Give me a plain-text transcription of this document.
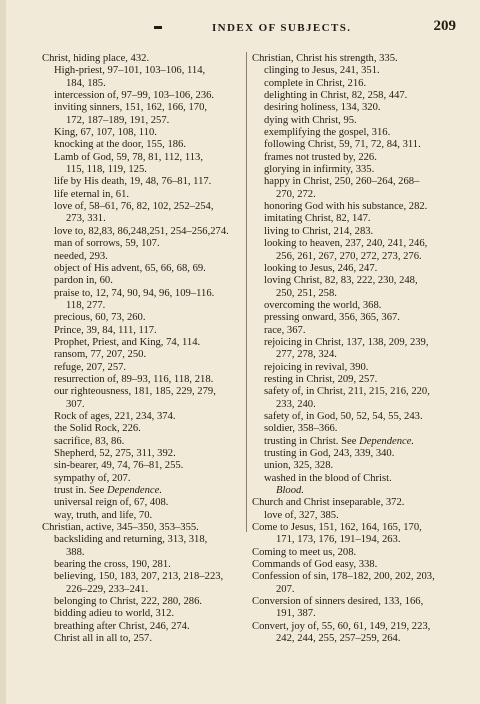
INDEX OF SUBJECTS.	209
Christ, hiding place, 432.
High-priest, 97–101, 103–106, 114,
184, 185.
intercession of, 97–99, 103–106, 236.
inviting sinners, 151, 162, 166, 170,
172, 187–189, 191, 257.
King, 67, 107, 108, 110.
knocking at the door, 155, 186.
Lamb of God, 59, 78, 81, 112, 113,
115, 118, 119, 125.
life by His death, 19, 48, 76–81, 117.
life eternal in, 61.
love of, 58–61, 76, 82, 102, 252–254,
273, 331.
love to, 82,83, 86,248,251, 254–256,274.
man of sorrows, 59, 107.
needed, 293.
object of His advent, 65, 66, 68, 69.
pardon in, 60.
praise to, 12, 74, 90, 94, 96, 109–116.
118, 277.
precious, 60, 73, 260.
Prince, 39, 84, 111, 117.
Prophet, Priest, and King, 74, 114.
ransom, 77, 207, 250.
refuge, 207, 257.
resurrection of, 89–93, 116, 118, 218.
our righteousness, 181, 185, 229, 279,
307.
Rock of ages, 221, 234, 374.
the Solid Rock, 226.
sacrifice, 83, 86.
Shepherd, 52, 275, 311, 392.
sin-bearer, 49, 74, 76–81, 255.
sympathy of, 207.
trust in. See Dependence.
universal reign of, 67, 408.
way, truth, and life, 70.
Christian, active, 345–350, 353–355.
backsliding and returning, 313, 318,
388.
bearing the cross, 190, 281.
believing, 150, 183, 207, 213, 218–223,
226–229, 233–241.
belonging to Christ, 222, 280, 286.
bidding adieu to world, 312.
breathing after Christ, 246, 274.
Christ all in all to, 257.
Christian, Christ his strength, 335.
clinging to Jesus, 241, 351.
complete in Christ, 216.
delighting in Christ, 82, 258, 447.
desiring holiness, 134, 320.
dying with Christ, 95.
exemplifying the gospel, 316.
following Christ, 59, 71, 72, 84, 311.
frames not trusted by, 226.
glorying in infirmity, 335.
happy in Christ, 250, 260–264, 268–
270, 272.
honoring God with his substance, 282.
imitating Christ, 82, 147.
living to Christ, 214, 283.
looking to heaven, 237, 240, 241, 246,
256, 261, 267, 270, 272, 273, 276.
looking to Jesus, 246, 247.
loving Christ, 82, 83, 222, 230, 248,
250, 251, 258.
overcoming the world, 368.
pressing onward, 356, 365, 367.
race, 367.
rejoicing in Christ, 137, 138, 209, 239,
277, 278, 324.
rejoicing in revival, 390.
resting in Christ, 209, 257.
safety of, in Christ, 211, 215, 216, 220,
233, 240.
safety of, in God, 50, 52, 54, 55, 243.
soldier, 358–366.
trusting in Christ. See Dependence.
trusting in God, 243, 339, 340.
union, 325, 328.
washed in the blood of Christ.
Blood.
Church and Christ inseparable, 372.
love of, 327, 385.
Come to Jesus, 151, 162, 164, 165, 170,
171, 173, 176, 191–194, 263.
Coming to meet us, 208.
Commands of God easy, 338.
Confession of sin, 178–182, 200, 202, 203,
207.
Conversion of sinners desired, 133, 166,
191, 387.
Convert, joy of, 55, 60, 61, 149, 219, 223,
242, 244, 255, 257–259, 264.
